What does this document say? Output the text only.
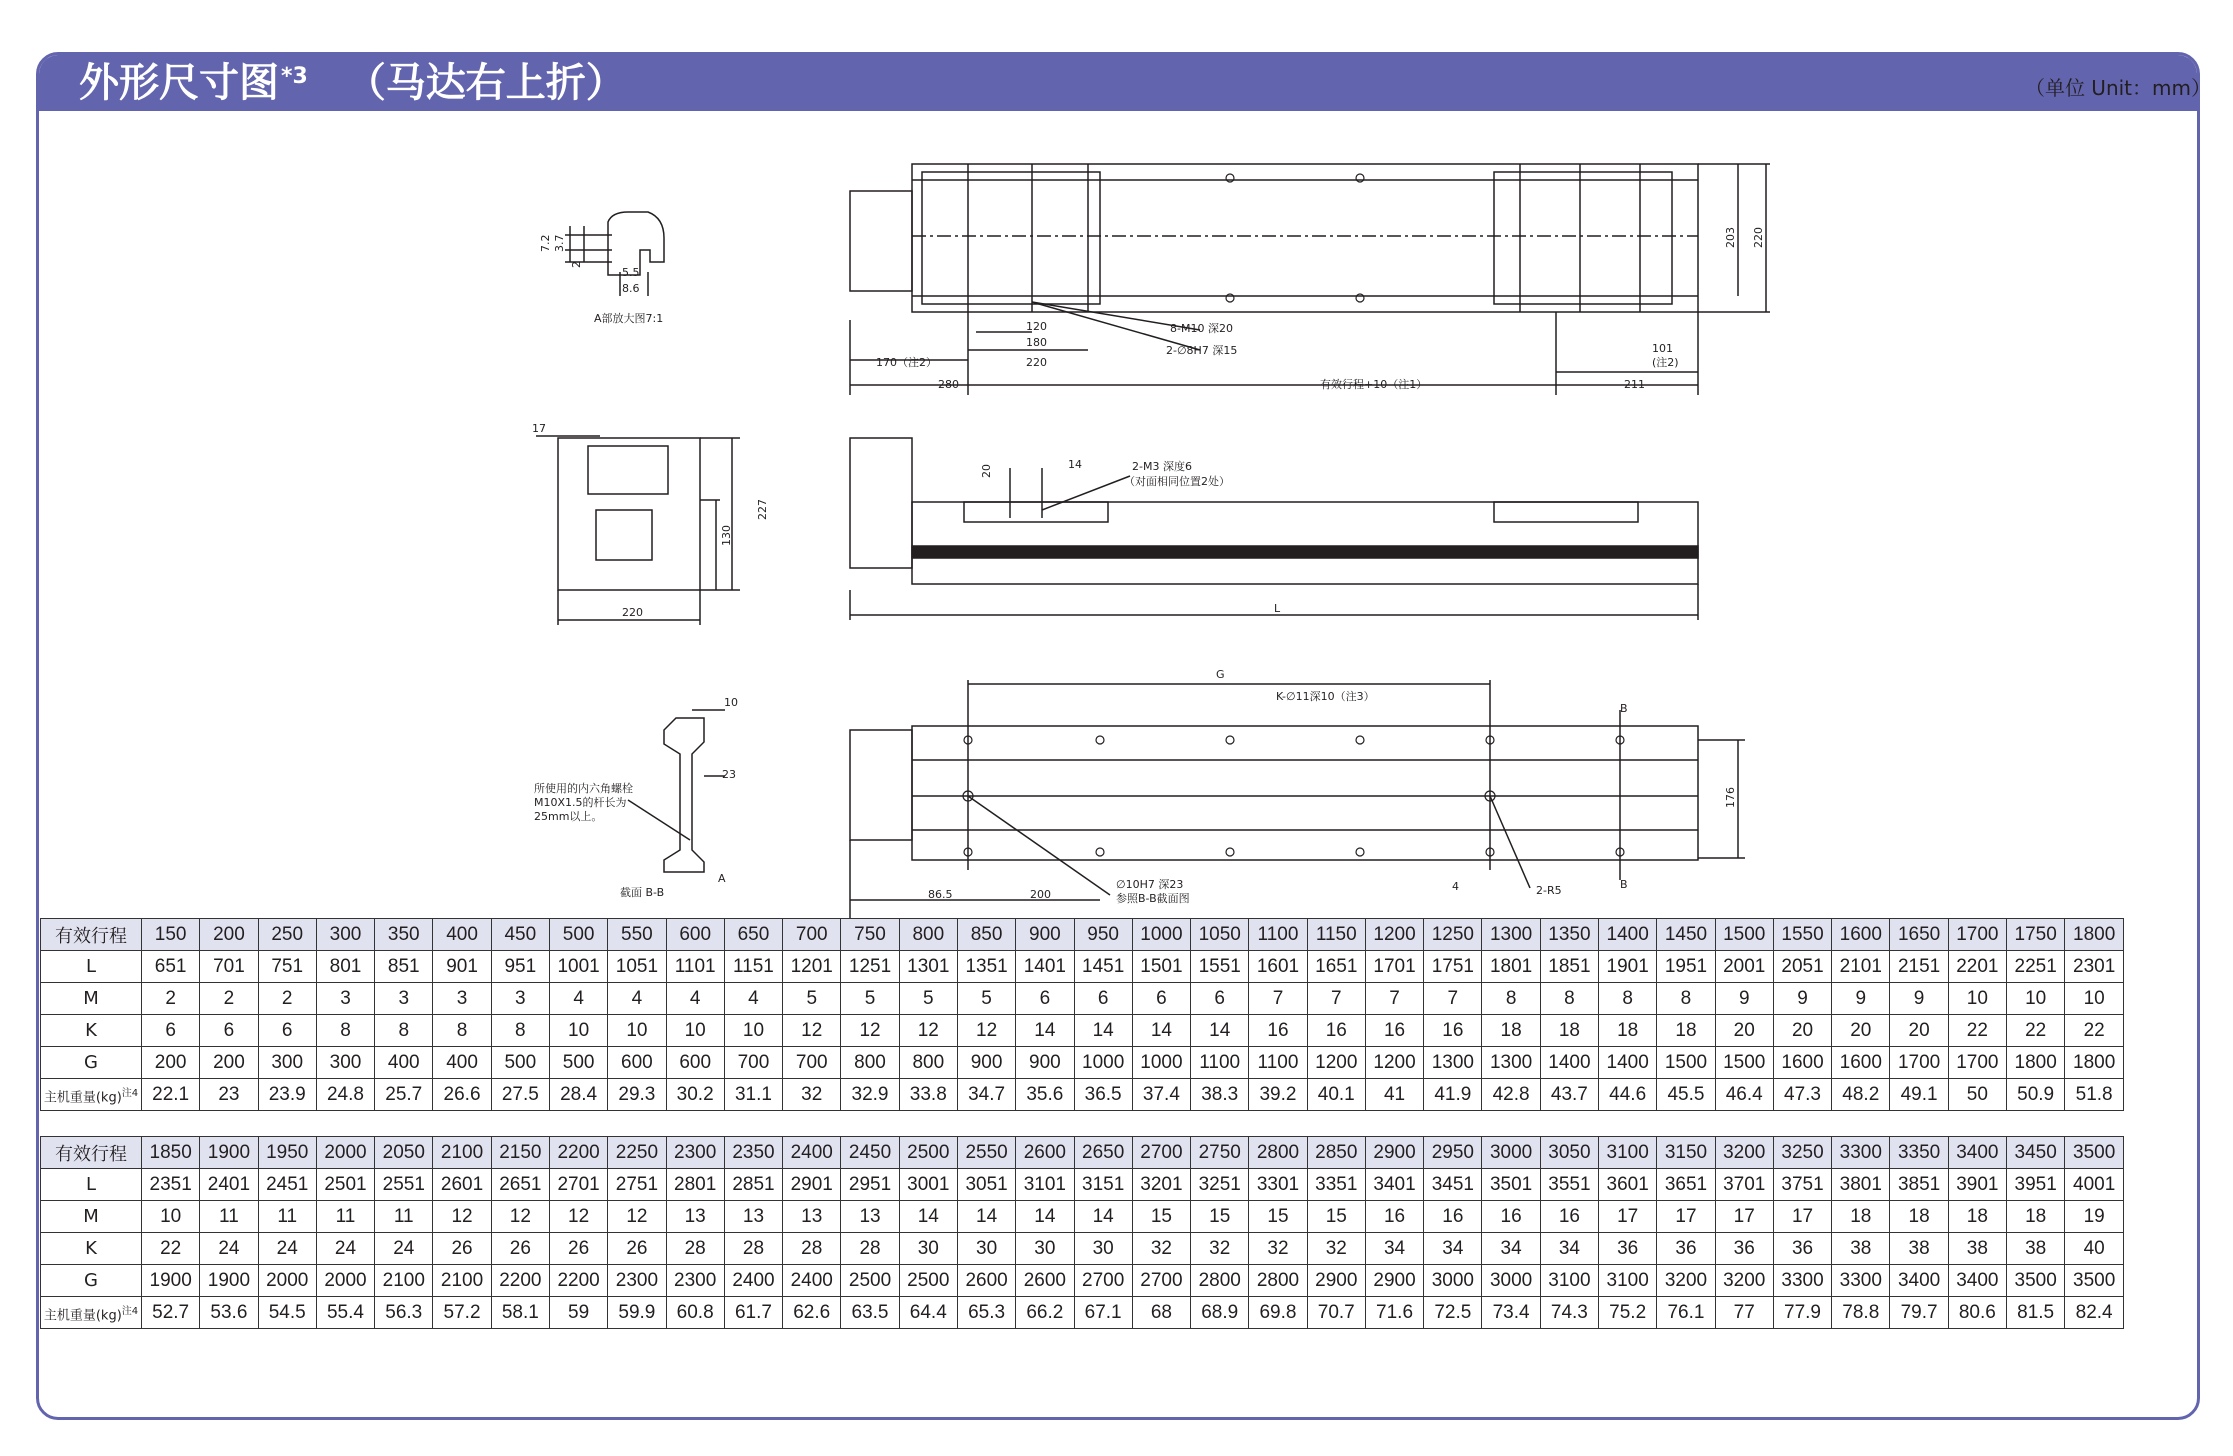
外形尺寸图$^{*3}$ （马达右上折）	（单位 Unit：mm）
7.2 3.7
2
5.5
8.6
A部放大图7:1
203 220
120
180
220
170（注2）
280	有效行程+10（注1）	211
101
(注2)
8-M10 深20
2-∅8H7 深15
17
227
130
220
20	14	2-M3 深度6
（对面相同位置2处）
L
10
23
所使用的内六角螺栓
M10X1.5的杆长为
25mm以上。
A
截面 B-B
G
K-∅11深10（注3）
B
B
176
∅10H7 深23
参照B-B截面图
86.5	200
4	2-R5
有效行程	150	200	250	300	350	400	450	500	550	600	650	700	750	800	850	900	950	1000	1050	1100	1150	1200	1250	1300	1350	1400	1450	1500	1550	1600	1650	1700	1750	1800
L	651	701	751	801	851	901	951	1001	1051	1101	1151	1201	1251	1301	1351	1401	1451	1501	1551	1601	1651	1701	1751	1801	1851	1901	1951	2001	2051	2101	2151	2201	2251	2301
M	2	2	2	3	3	3	3	4	4	4	4	5	5	5	5	6	6	6	6	7	7	7	7	8	8	8	8	9	9	9	9	10	10	10
K	6	6	6	8	8	8	8	10	10	10	10	12	12	12	12	14	14	14	14	16	16	16	16	18	18	18	18	20	20	20	20	22	22	22
G	200	200	300	300	400	400	500	500	600	600	700	700	800	800	900	900	1000	1000	1100	1100	1200	1200	1300	1300	1400	1400	1500	1500	1600	1600	1700	1700	1800	1800
主机重量(kg)$^{注4}$	22.1	23	23.9	24.8	25.7	26.6	27.5	28.4	29.3	30.2	31.1	32	32.9	33.8	34.7	35.6	36.5	37.4	38.3	39.2	40.1	41	41.9	42.8	43.7	44.6	45.5	46.4	47.3	48.2	49.1	50	50.9	51.8
有效行程	1850	1900	1950	2000	2050	2100	2150	2200	2250	2300	2350	2400	2450	2500	2550	2600	2650	2700	2750	2800	2850	2900	2950	3000	3050	3100	3150	3200	3250	3300	3350	3400	3450	3500
L	2351	2401	2451	2501	2551	2601	2651	2701	2751	2801	2851	2901	2951	3001	3051	3101	3151	3201	3251	3301	3351	3401	3451	3501	3551	3601	3651	3701	3751	3801	3851	3901	3951	4001
M	10	11	11	11	11	12	12	12	12	13	13	13	13	14	14	14	14	15	15	15	15	16	16	16	16	17	17	17	17	18	18	18	18	19
K	22	24	24	24	24	26	26	26	26	28	28	28	28	30	30	30	30	32	32	32	32	34	34	34	34	36	36	36	36	38	38	38	38	40
G	1900	1900	2000	2000	2100	2100	2200	2200	2300	2300	2400	2400	2500	2500	2600	2600	2700	2700	2800	2800	2900	2900	3000	3000	3100	3100	3200	3200	3300	3300	3400	3400	3500	3500
主机重量(kg)$^{注4}$	52.7	53.6	54.5	55.4	56.3	57.2	58.1	59	59.9	60.8	61.7	62.6	63.5	64.4	65.3	66.2	67.1	68	68.9	69.8	70.7	71.6	72.5	73.4	74.3	75.2	76.1	77	77.9	78.8	79.7	80.6	81.5	82.4
